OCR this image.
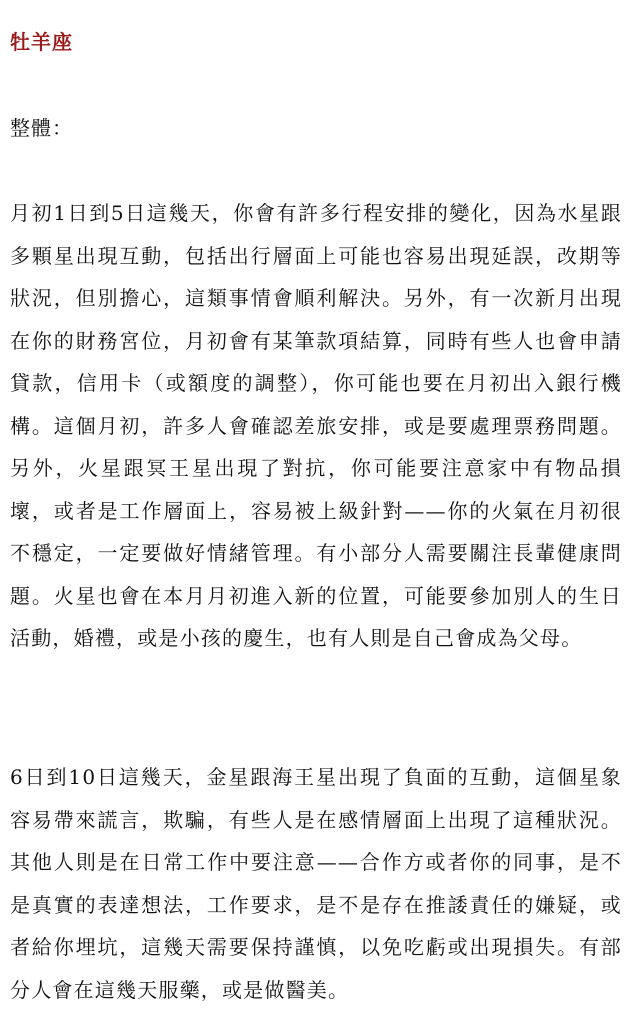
牡羊座

整體：

月初1日到5日這幾天，你會有許多行程安排的變化，因為水星跟多顆星出現互動，包括出行層面上可能也容易出現延誤，改期等狀況，但別擔心，這類事情會順利解決。另外，有一次新月出現在你的財務宮位，月初會有某筆款項結算，同時有些人也會申請貸款，信用卡（或額度的調整），你可能也要在月初出入銀行機構。這個月初，許多人會確認差旅安排，或是要處理票務問題。另外，火星跟冥王星出現了對抗，你可能要注意家中有物品損壞，或者是工作層面上，容易被上級針對——你的火氣在月初很不穩定，一定要做好情緒管理。有小部分人需要關注長輩健康問題。火星也會在本月月初進入新的位置，可能要參加別人的生日活動，婚禮，或是小孩的慶生，也有人則是自己會成為父母。

6日到10日這幾天，金星跟海王星出現了負面的互動，這個星象容易帶來謊言，欺騙，有些人是在感情層面上出現了這種狀況。其他人則是在日常工作中要注意——合作方或者你的同事，是不是真實的表達想法，工作要求，是不是存在推諉責任的嫌疑，或者給你埋坑，這幾天需要保持謹慎，以免吃虧或出現損失。有部分人會在這幾天服藥，或是做醫美。
